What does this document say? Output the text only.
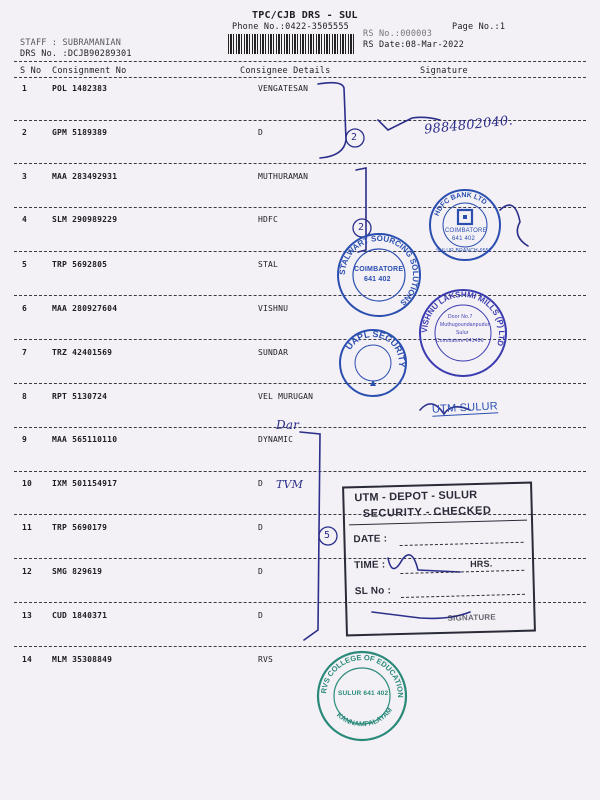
TPC/CJB DRS - SUL
Phone No.:0422-3505555	Page No.:1
STAFF : SUBRAMANIAN
DRS No. :DCJB90289301
RS No.:000003
RS Date:08-Mar-2022
S No Consignment No	Consignee Details	Signature
1	POL 1482383	VENGATESAN
2	GPM 5189389	D
3	MAA 283492931	MUTHURAMAN
4	SLM 290989229	HDFC
5	TRP 5692805	STAL
6	MAA 280927604	VISHNU
7	TRZ 42401569	SUNDAR
8	RPT 5130724	VEL MURUGAN
9	MAA 565110110	DYNAMIC
10 IXM 501154917	D
11 TRP 5690179	D
12 SMG 829619	D
13 CUD 1840371	D
14 MLM 35308849	RVS
9884802040.
2
2
5
Dar
TVM
HDFC BANK LTD
COIMBATORE
641 402
SULUR BRANCH-9552
STALWART SOURCING SOLUTIONS
COIMBATORE
641 402
VISHNU LAKSHMI MILLS (P) LTD
Door No.7
Muthugoundanpudur
Sulur
Coimbatore-641406
UAPL SECURITY
UTM SULUR
UTM - DEPOT - SULUR
SECURITY - CHECKED
DATE :
TIME :	HRS.
SL No :
SIGNATURE
RVS COLLEGE OF EDUCATION
KANNAMPALAYAM
SULUR 641 402
